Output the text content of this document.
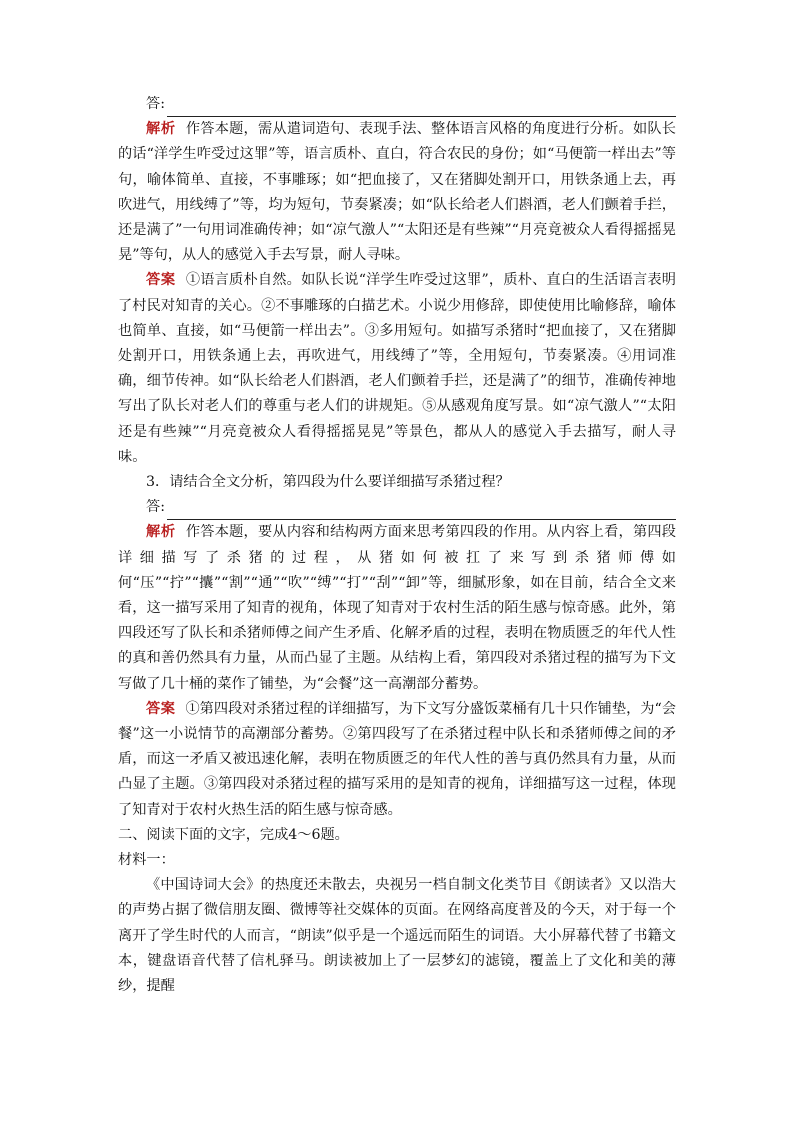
答:

解析 作答本题，需从遣词造句、表现手法、整体语言风格的角度进行分析。如队长的话“洋学生咋受过这罪”等，语言质朴、直白，符合农民的身份；如“马便箭一样出去”等句，喻体简单、直接，不事雕琢；如“把血接了，又在猪脚处割开口，用铁条通上去，再吹进气，用线缚了”等，均为短句，节奏紧凑；如“队长给老人们斟酒，老人们颤着手拦，还是满了”一句用词准确传神；如“凉气激人”“太阳还是有些辣”“月亮竟被众人看得摇摇晃晃”等句，从人的感觉入手去写景，耐人寻味。

答案 ①语言质朴自然。如队长说“洋学生咋受过这罪”，质朴、直白的生活语言表明了村民对知青的关心。②不事雕琢的白描艺术。小说少用修辞，即使使用比喻修辞，喻体也简单、直接，如“马便箭一样出去”。③多用短句。如描写杀猪时“把血接了，又在猪脚处割开口，用铁条通上去，再吹进气，用线缚了”等，全用短句，节奏紧凑。④用词准确，细节传神。如“队长给老人们斟酒，老人们颤着手拦，还是满了”的细节，准确传神地写出了队长对老人们的尊重与老人们的讲规矩。⑤从感观角度写景。如“凉气激人”“太阳还是有些辣”“月亮竟被众人看得摇摇晃晃”等景色，都从人的感觉入手去描写，耐人寻味。

3．请结合全文分析，第四段为什么要详细描写杀猪过程？

答:

解析 作答本题，要从内容和结构两方面来思考第四段的作用。从内容上看，第四段详细描写了杀猪的过程，从猪如何被扛了来写到杀猪师傅如何“压”“拧”“攮”“割”“通”“吹”“缚”“打”“刮”“卸”等，细腻形象，如在目前，结合全文来看，这一描写采用了知青的视角，体现了知青对于农村生活的陌生感与惊奇感。此外，第四段还写了队长和杀猪师傅之间产生矛盾、化解矛盾的过程，表明在物质匮乏的年代人性的真和善仍然具有力量，从而凸显了主题。从结构上看，第四段对杀猪过程的描写为下文写做了几十桶的菜作了铺垫，为“会餐”这一高潮部分蓄势。

答案 ①第四段对杀猪过程的详细描写，为下文写分盛饭菜桶有几十只作铺垫，为“会餐”这一小说情节的高潮部分蓄势。②第四段写了在杀猪过程中队长和杀猪师傅之间的矛盾，而这一矛盾又被迅速化解，表明在物质匮乏的年代人性的善与真仍然具有力量，从而凸显了主题。③第四段对杀猪过程的描写采用的是知青的视角，详细描写这一过程，体现了知青对于农村火热生活的陌生感与惊奇感。

二、阅读下面的文字，完成4～6题。

材料一：

《中国诗词大会》的热度还未散去，央视另一档自制文化类节目《朗读者》又以浩大的声势占据了微信朋友圈、微博等社交媒体的页面。在网络高度普及的今天，对于每一个离开了学生时代的人而言，“朗读”似乎是一个遥远而陌生的词语。大小屏幕代替了书籍文本，键盘语音代替了信札驿马。朗读被加上了一层梦幻的滤镜，覆盖上了文化和美的薄纱，提醒
